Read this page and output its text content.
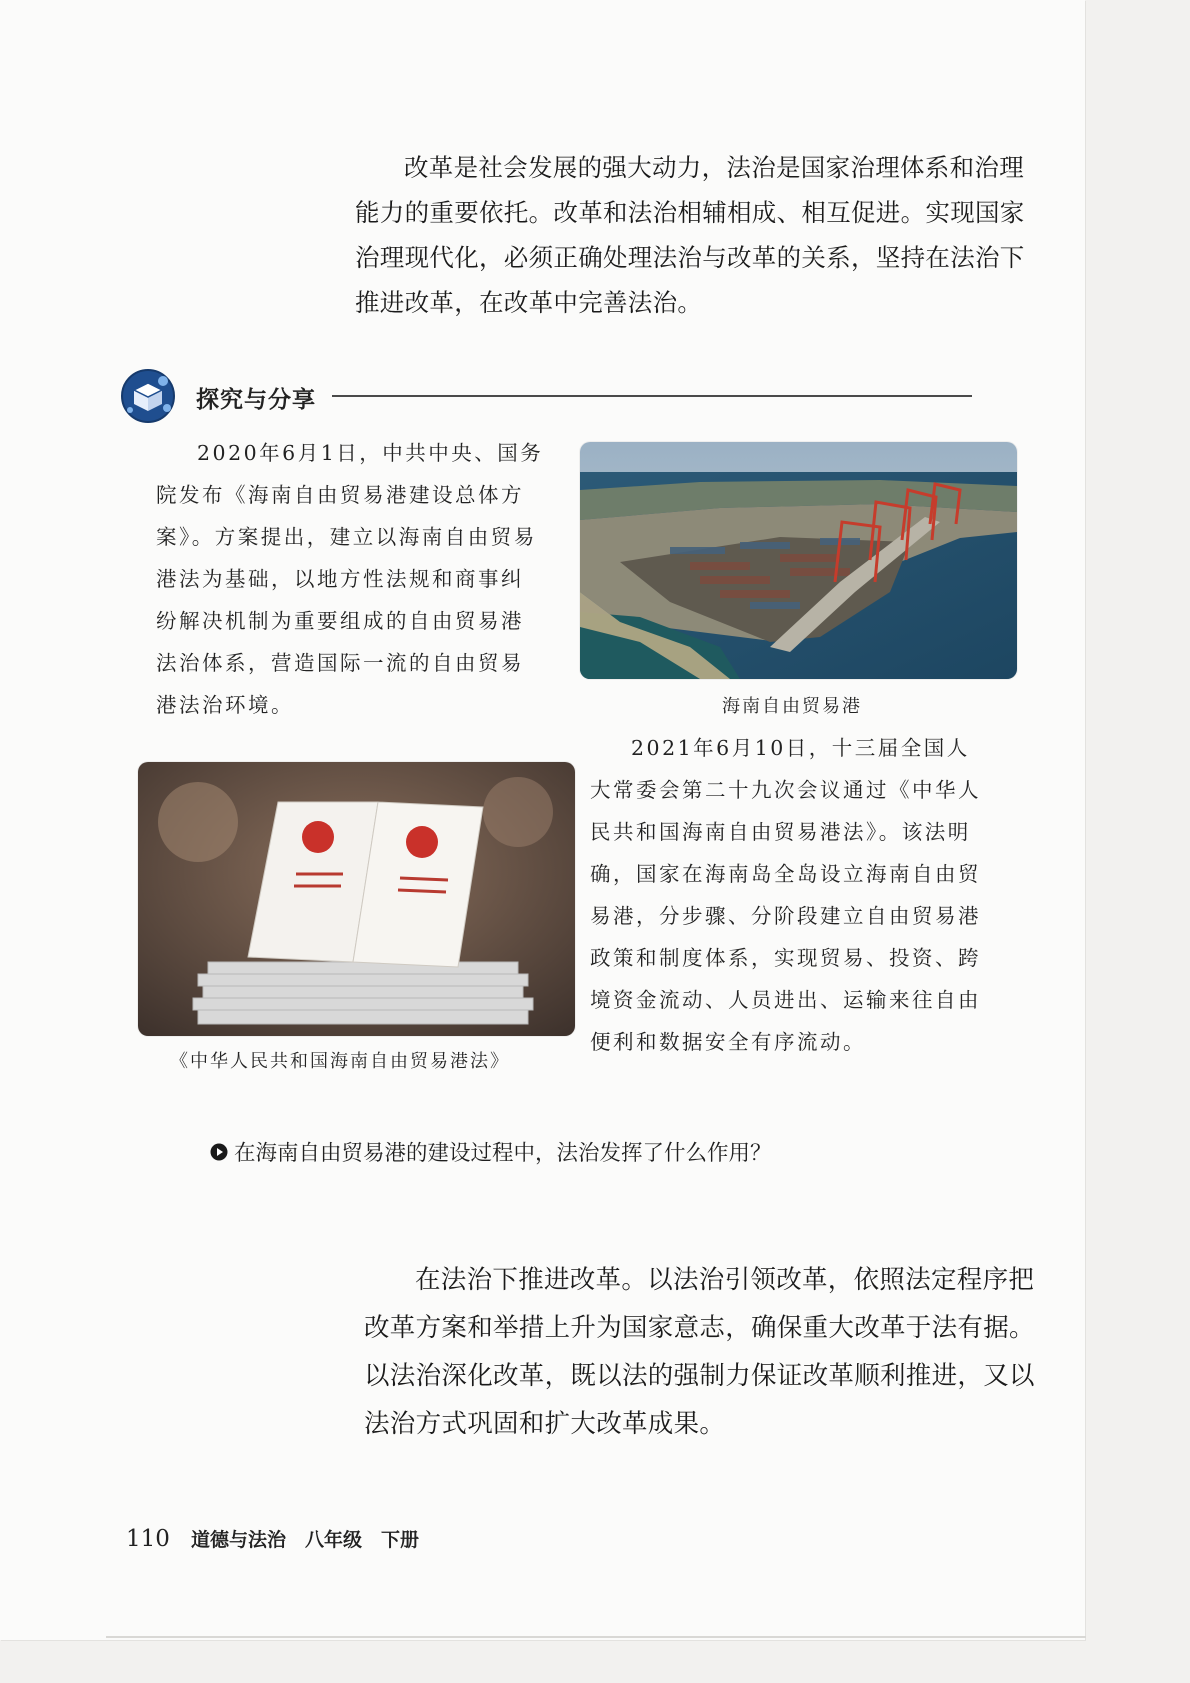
改革是社会发展的强大动力，法治是国家治理体系和治理能力的重要依托。改革和法治相辅相成、相互促进。实现国家治理现代化，必须正确处理法治与改革的关系，坚持在法治下推进改革，在改革中完善法治。

探究与分享

2020年6月1日，中共中央、国务院发布《海南自由贸易港建设总体方案》。方案提出，建立以海南自由贸易港法为基础，以地方性法规和商事纠纷解决机制为重要组成的自由贸易港法治体系，营造国际一流的自由贸易港法治环境。	海南自由贸易港

《中华人民共和国海南自由贸易港法》

2021年6月10日，十三届全国人大常委会第二十九次会议通过《中华人民共和国海南自由贸易港法》。该法明确，国家在海南岛全岛设立海南自由贸易港，分步骤、分阶段建立自由贸易港政策和制度体系，实现贸易、投资、跨境资金流动、人员进出、运输来往自由便利和数据安全有序流动。

在海南自由贸易港的建设过程中，法治发挥了什么作用？

在法治下推进改革。以法治引领改革，依照法定程序把改革方案和举措上升为国家意志，确保重大改革于法有据。以法治深化改革，既以法的强制力保证改革顺利推进，又以法治方式巩固和扩大改革成果。

110 道德与法治　八年级　下册
